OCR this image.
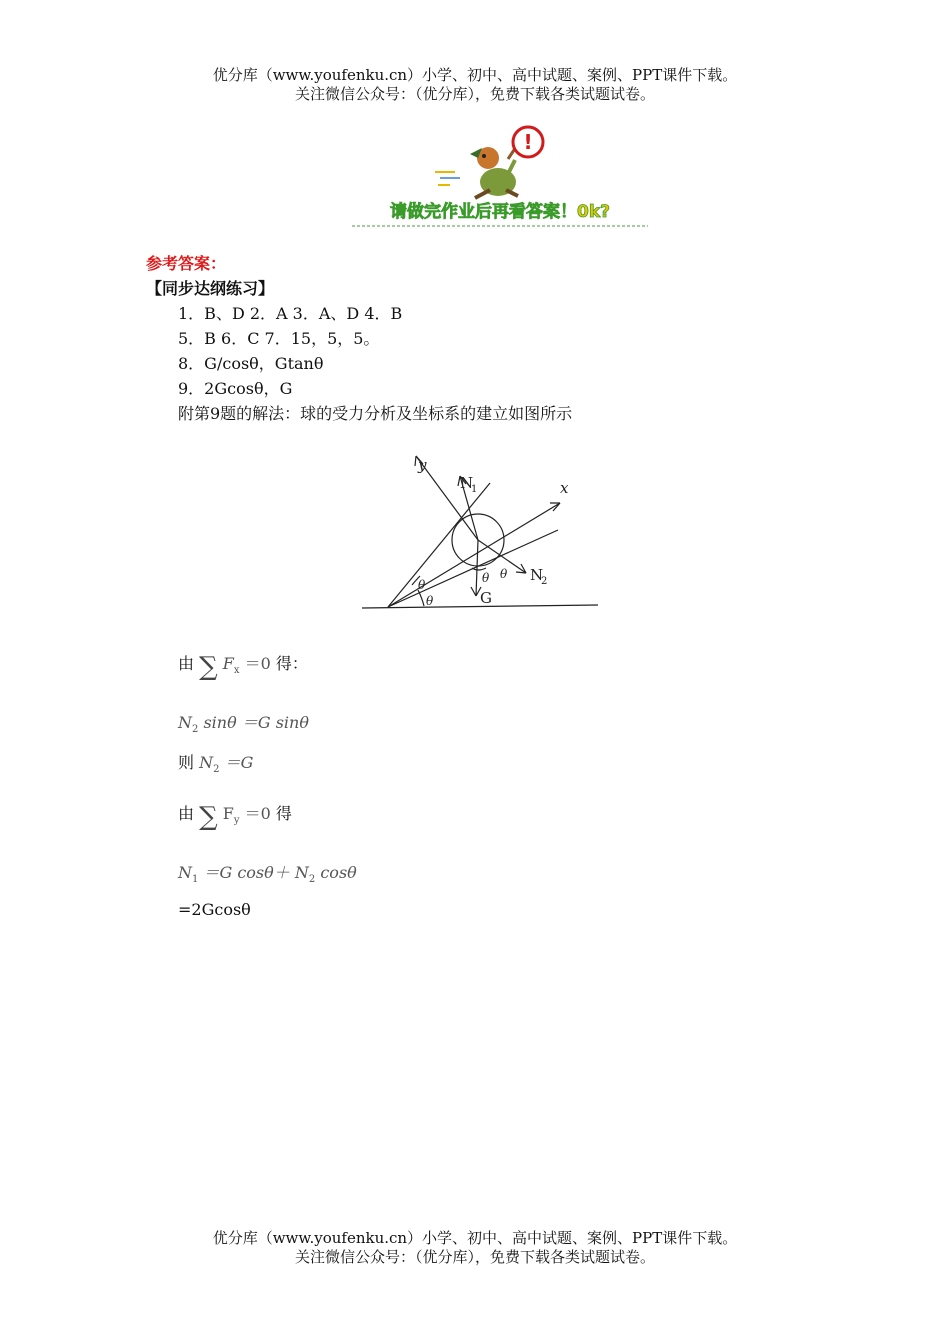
优分库（www.youfenku.cn）小学、初中、高中试题、案例、PPT课件下载。
关注微信公众号：（优分库），免费下载各类试题试卷。
!
请做完作业后再看答案！0k?
参考答案：
【同步达纲练习】
1．B、D 2．A 3．A、D 4．B
5．B 6．C 7．15，5，5。
8．G/cosθ，Gtanθ
9．2Gcosθ，G
附第9题的解法：球的受力分析及坐标系的建立如图所示
y
x
N
1
N
2
G
θ
θ	θ θ
由 ∑ $F_x =0$ 得：
$N_2$ sinθ ＝G sinθ
则 $N_2 =G$
由 ∑ $F_y =0$ 得
$N_1 =G$ $\cos\theta+ N_2$ cosθ
=2Gcosθ
优分库（www.youfenku.cn）小学、初中、高中试题、案例、PPT课件下载。
关注微信公众号：（优分库），免费下载各类试题试卷。
